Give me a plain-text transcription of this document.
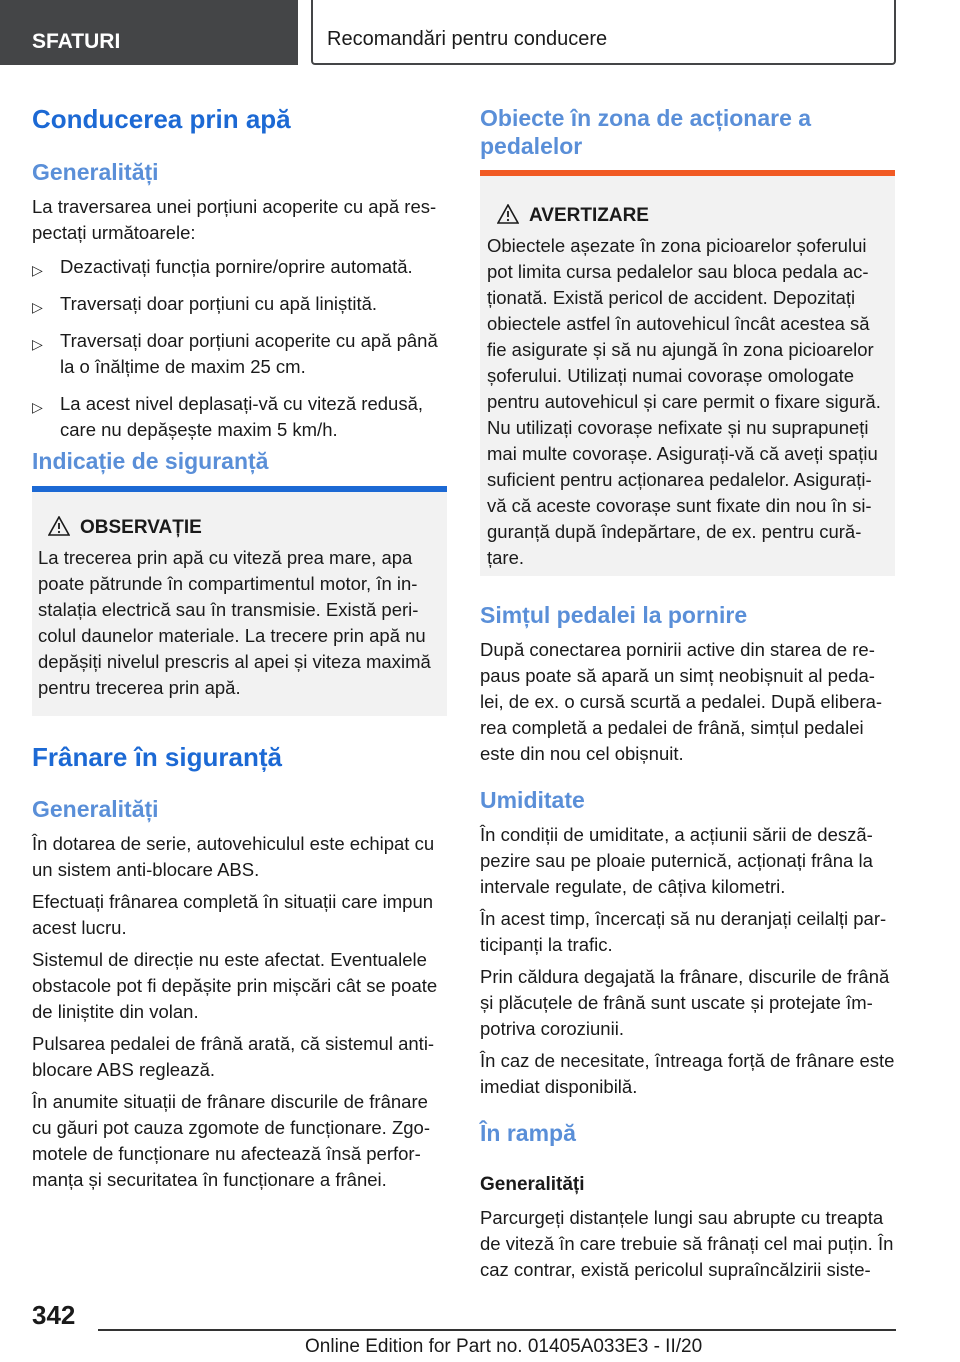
SFATURI	Recomandări pentru conducere
Conducerea prin apă
Generalități

La traversarea unei porțiuni acoperite cu apă res‐pectați următoarele:

▷ Dezactivați funcția pornire/oprire automată.
▷ Traversați doar porțiuni cu apă liniștită.
▷ Traversați doar porțiuni acoperite cu apă până la o înălțime de maxim 25 cm.
▷ La acest nivel deplasați-vă cu viteză redusă, care nu depășește maxim 5 km/h.
Indicație de siguranță
OBSERVAȚIE

La trecerea prin apă cu viteză prea mare, apa poate pătrunde în compartimentul motor, în in‐stalația electrică sau în transmisie. Există peri‐colul daunelor materiale. La trecere prin apă nu depășiți nivelul prescris al apei și viteza maximă pentru trecerea prin apă.

Frânare în siguranță
Generalități

În dotarea de serie, autovehiculul este echipat cu un sistem anti-blocare ABS.

Efectuați frânarea completă în situații care impun acest lucru.

Sistemul de direcție nu este afectat. Eventualele obstacole pot fi depășite prin mișcări cât se poate de liniștite din volan.

Pulsarea pedalei de frână arată, că sistemul anti‐blocare ABS reglează.

În anumite situații de frânare discurile de frânare cu găuri pot cauza zgomote de funcționare. Zgo‐motele de funcționare nu afectează însă perfor‐manța și securitatea în funcționare a frânei.

Obiecte în zona de acționare a pedalelor
AVERTIZARE

Obiectele așezate în zona picioarelor șoferului pot limita cursa pedalelor sau bloca pedala ac‐ționată. Există pericol de accident. Depozitați obiectele astfel în autovehicul încât acestea să fie asigurate și să nu ajungă în zona picioarelor șoferului. Utilizați numai covorașe omologate pentru autovehicul și care permit o fixare sigură. Nu utilizați covorașe nefixate și nu suprapuneți mai multe covorașe. Asigurați-vă că aveți spațiu suficient pentru acționarea pedalelor. Asigurați-vă că aceste covorașe sunt fixate din nou în si‐guranță după îndepărtare, de ex. pentru cură‐țare.

Simțul pedalei la pornire

După conectarea pornirii active din starea de re‐paus poate să apară un simț neobișnuit al peda‐lei, de ex. o cursă scurtă a pedalei. După elibera‐rea completă a pedalei de frână, simțul pedalei este din nou cel obișnuit.

Umiditate

În condiții de umiditate, a acțiunii sării de deszã‐pezire sau pe ploaie puternică, acționați frâna la intervale regulate, de câțiva kilometri.

În acest timp, încercați să nu deranjați ceilalți par‐ticipanți la trafic.

Prin căldura degajată la frânare, discurile de frână și plăcuțele de frână sunt uscate și protejate îm‐potriva coroziunii.

În caz de necesitate, întreaga forță de frânare este imediat disponibilă.

În rampă
Generalități

Parcurgeți distanțele lungi sau abrupte cu treapta de viteză în care trebuie să frânați cel mai puțin. În caz contrar, există pericolul supraîncălzirii siste‐

342
Online Edition for Part no. 01405A033E3 - II/20
